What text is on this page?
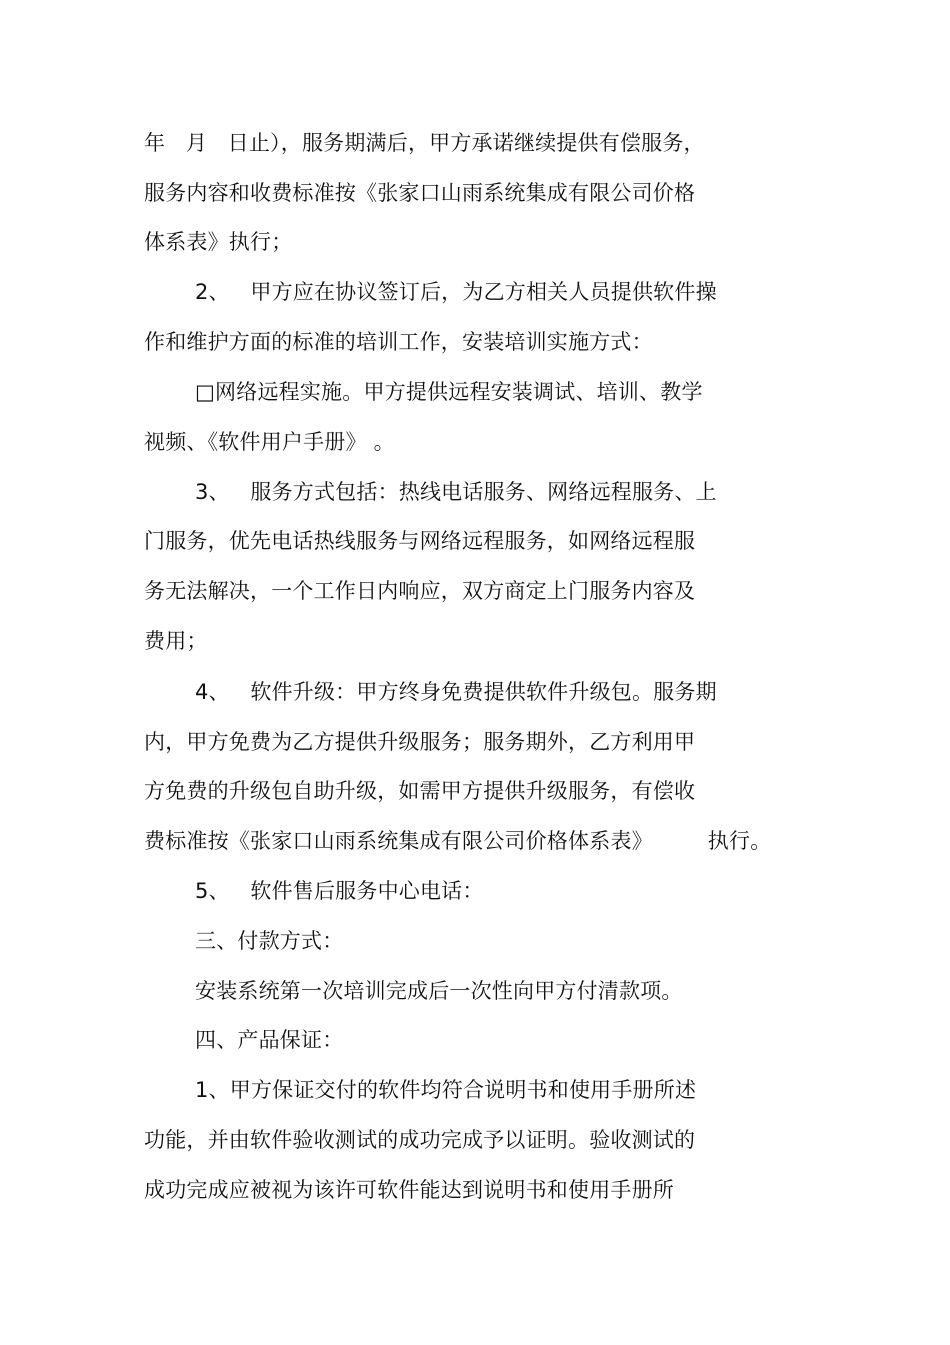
年   月   日止），服务期满后，甲方承诺继续提供有偿服务，
服务内容和收费标准按《张家口山雨系统集成有限公司价格
体系表》执行；
2、   甲方应在协议签订后，为乙方相关人员提供软件操
作和维护方面的标准的培训工作，安装培训实施方式：
□网络远程实施。甲方提供远程安装调试、培训、教学
视频、《软件用户手册》 。
3、   服务方式包括：热线电话服务、网络远程服务、上
门服务，优先电话热线服务与网络远程服务，如网络远程服
务无法解决，一个工作日内响应，双方商定上门服务内容及
费用；
4、   软件升级：甲方终身免费提供软件升级包。服务期
内，甲方免费为乙方提供升级服务；服务期外，乙方利用甲
方免费的升级包自助升级，如需甲方提供升级服务，有偿收
费标准按《张家口山雨系统集成有限公司价格体系表》        执行。
5、   软件售后服务中心电话：
三、付款方式：
安装系统第一次培训完成后一次性向甲方付清款项。
四、产品保证：
1、甲方保证交付的软件均符合说明书和使用手册所述
功能，并由软件验收测试的成功完成予以证明。验收测试的
成功完成应被视为该许可软件能达到说明书和使用手册所
